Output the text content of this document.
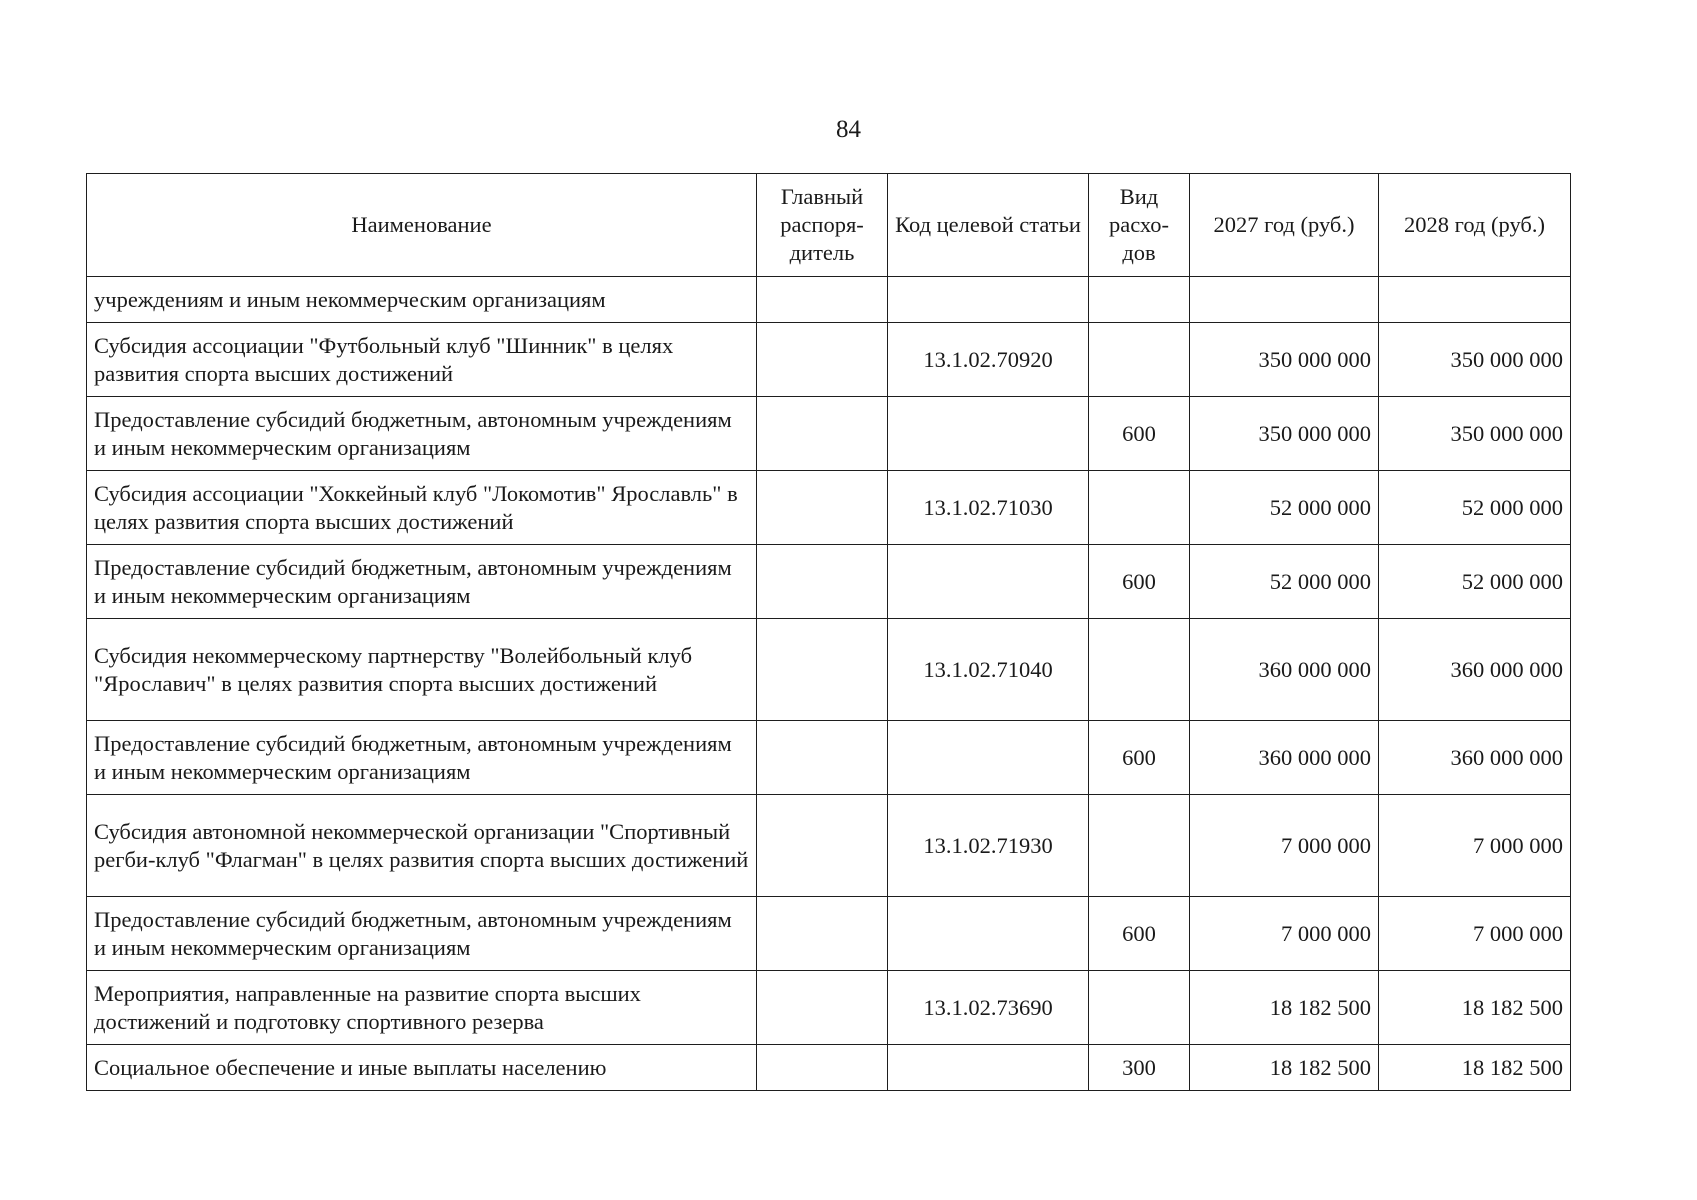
84
Наименование	Главный распоря-дитель	Код целевой статьи	Вид расхо-дов	2027 год (руб.)	2028 год (руб.)
учреждениям и иным некоммерческим организациям					
Субсидия ассоциации "Футбольный клуб "Шинник" в целях развития спорта высших достижений		13.1.02.70920		350 000 000	350 000 000
Предоставление субсидий бюджетным, автономным учреждениям и иным некоммерческим организациям			600	350 000 000	350 000 000
Субсидия ассоциации "Хоккейный клуб "Локомотив" Ярославль" в целях развития спорта высших достижений		13.1.02.71030		52 000 000	52 000 000
Предоставление субсидий бюджетным, автономным учреждениям и иным некоммерческим организациям			600	52 000 000	52 000 000
Субсидия некоммерческому партнерству "Волейбольный клуб "Ярославич" в целях развития спорта высших достижений		13.1.02.71040		360 000 000	360 000 000
Предоставление субсидий бюджетным, автономным учреждениям и иным некоммерческим организациям			600	360 000 000	360 000 000
Субсидия автономной некоммерческой организации "Спортивный регби-клуб "Флагман" в целях развития спорта высших достижений		13.1.02.71930		7 000 000	7 000 000
Предоставление субсидий бюджетным, автономным учреждениям и иным некоммерческим организациям			600	7 000 000	7 000 000
Мероприятия, направленные на развитие спорта высших достижений и подготовку спортивного резерва		13.1.02.73690		18 182 500	18 182 500
Социальное обеспечение и иные выплаты населению			300	18 182 500	18 182 500
